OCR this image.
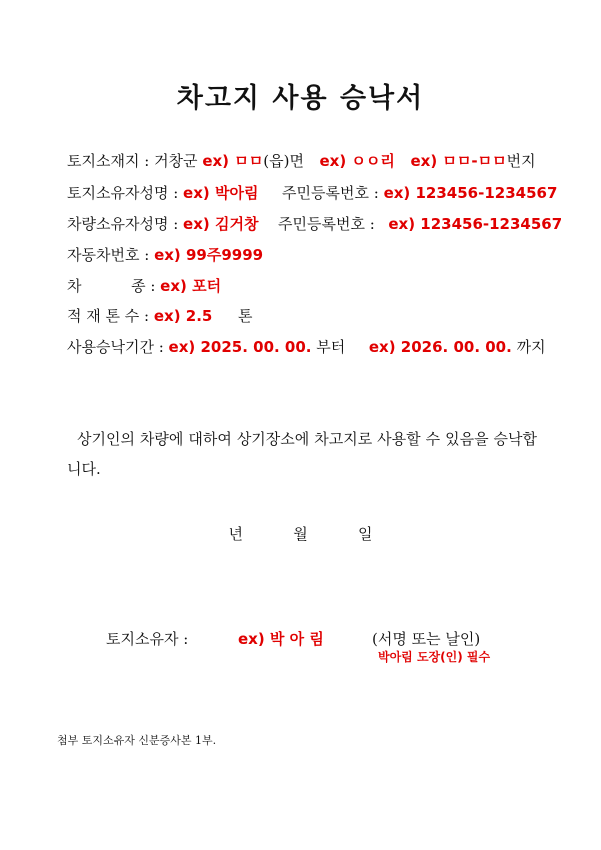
차고지 사용 승낙서
토지소재지 : 거창군 ex) ㅁㅁ(읍)면 ex) ㅇㅇ리 ex) ㅁㅁ-ㅁㅁ번지
토지소유자성명 : ex) 박아림 주민등록번호 : ex) 123456-1234567
차량소유자성명 : ex) 김거창 주민등록번호 : ex) 123456-1234567
자동차번호 : ex) 99주9999
차	종 : ex) 포터
적 재 톤 수 : ex) 2.5 톤
사용승낙기간 : ex) 2025. 00. 00. 부터 ex) 2026. 00. 00. 까지
상기인의 차량에 대하여 상기장소에 차고지로 사용할 수 있음을 승낙합니다.
년	월	일
토지소유자 :	ex) 박 아 림	(서명 또는 날인)
박아림 도장(인) 필수
첨부 토지소유자 신분증사본 1부.
